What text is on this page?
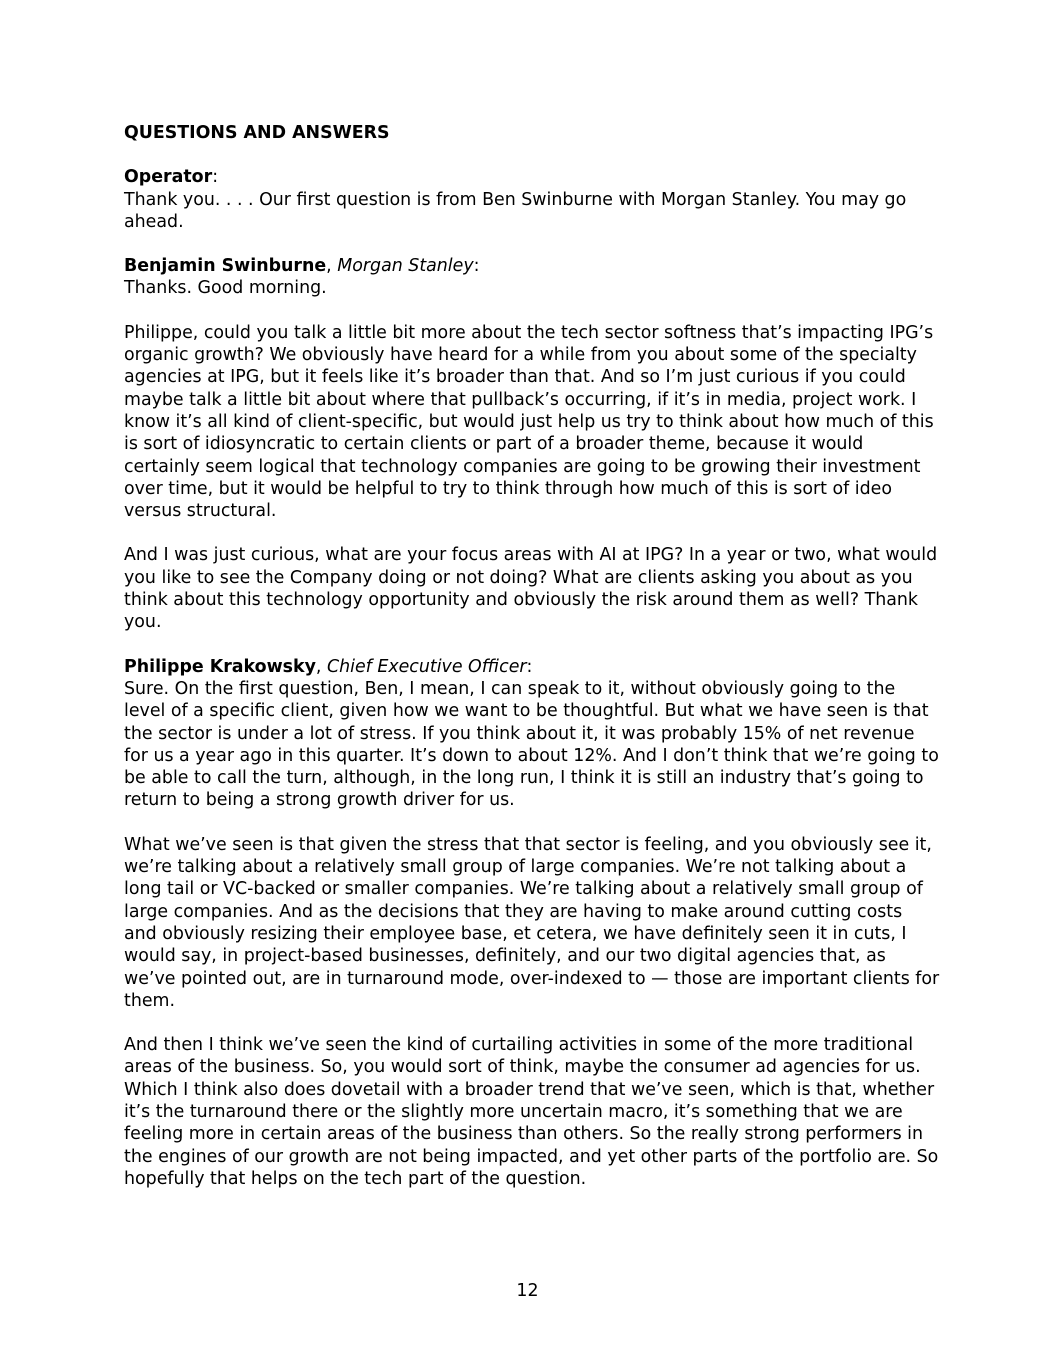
QUESTIONS AND ANSWERS
Operator:

Thank you. . . . Our first question is from Ben Swinburne with Morgan Stanley. You may go ahead.

Benjamin Swinburne, Morgan Stanley:

Thanks. Good morning.

Philippe, could you talk a little bit more about the tech sector softness that’s impacting IPG’s organic growth? We obviously have heard for a while from you about some of the specialty agencies at IPG, but it feels like it’s broader than that. And so I’m just curious if you could maybe talk a little bit about where that pullback’s occurring, if it’s in media, project work. I know it’s all kind of client-specific, but would just help us try to think about how much of this is sort of idiosyncratic to certain clients or part of a broader theme, because it would certainly seem logical that technology companies are going to be growing their investment over time, but it would be helpful to try to think through how much of this is sort of ideo versus structural.

And I was just curious, what are your focus areas with AI at IPG? In a year or two, what would you like to see the Company doing or not doing? What are clients asking you about as you think about this technology opportunity and obviously the risk around them as well? Thank you.

Philippe Krakowsky, Chief Executive Officer:

Sure. On the first question, Ben, I mean, I can speak to it, without obviously going to the level of a specific client, given how we want to be thoughtful. But what we have seen is that the sector is under a lot of stress. If you think about it, it was probably 15% of net revenue for us a year ago in this quarter. It’s down to about 12%. And I don’t think that we’re going to be able to call the turn, although, in the long run, I think it is still an industry that’s going to return to being a strong growth driver for us.

What we’ve seen is that given the stress that that sector is feeling, and you obviously see it, we’re talking about a relatively small group of large companies. We’re not talking about a long tail or VC-backed or smaller companies. We’re talking about a relatively small group of large companies. And as the decisions that they are having to make around cutting costs and obviously resizing their employee base, et cetera, we have definitely seen it in cuts, I would say, in project-based businesses, definitely, and our two digital agencies that, as we’ve pointed out, are in turnaround mode, over-indexed to — those are important clients for them.

And then I think we’ve seen the kind of curtailing activities in some of the more traditional areas of the business. So, you would sort of think, maybe the consumer ad agencies for us. Which I think also does dovetail with a broader trend that we’ve seen, which is that, whether it’s the turnaround there or the slightly more uncertain macro, it’s something that we are feeling more in certain areas of the business than others. So the really strong performers in the engines of our growth are not being impacted, and yet other parts of the portfolio are. So hopefully that helps on the tech part of the question.

12
